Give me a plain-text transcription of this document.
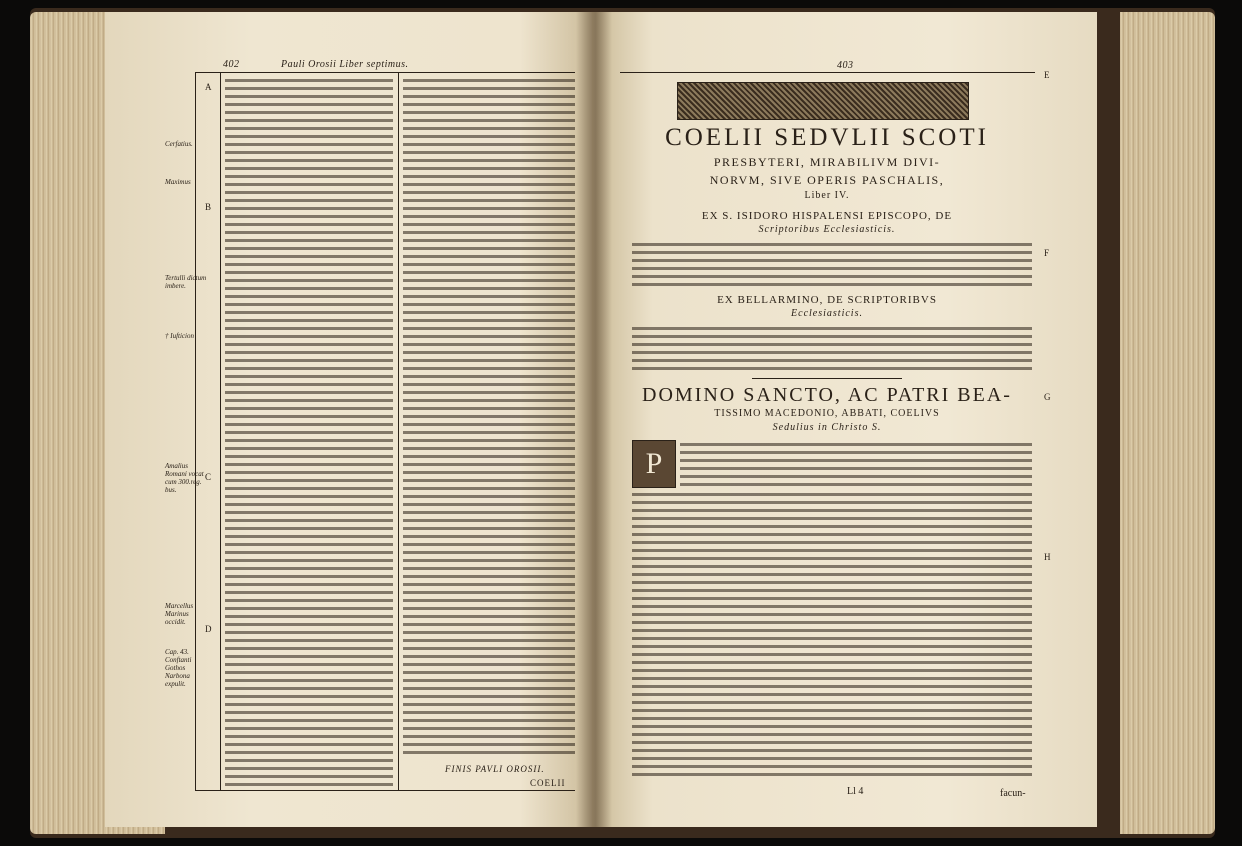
402	Pauli Orosii Liber septimus.
A
B
C
D
Cerfatius.
Maximus
Tertulli dictum imbere.
† Iufticion
Amalius Romani vocat cum 300.reg. bus.
Marcellus Marinus occidit.
Cap. 43. Conftanti Gothos Narbona expulit.
FINIS PAVLI OROSII.
COELII
403
E
F
G
H
COELII SEDVLII SCOTI
PRESBYTERI, MIRABILIVM DIVI-
NORVM, SIVE OPERIS PASCHALIS,
Liber IV.
EX S. ISIDORO HISPALENSI EPISCOPO, DE
Scriptoribus Ecclesiasticis.
EX BELLARMINO, DE SCRIPTORIBVS
Ecclesiasticis.
DOMINO SANCTO, AC PATRI BEA-
TISSIMO MACEDONIO, ABBATI, COELIVS
Sedulius in Christo S.
P
Ll 4	facun-
